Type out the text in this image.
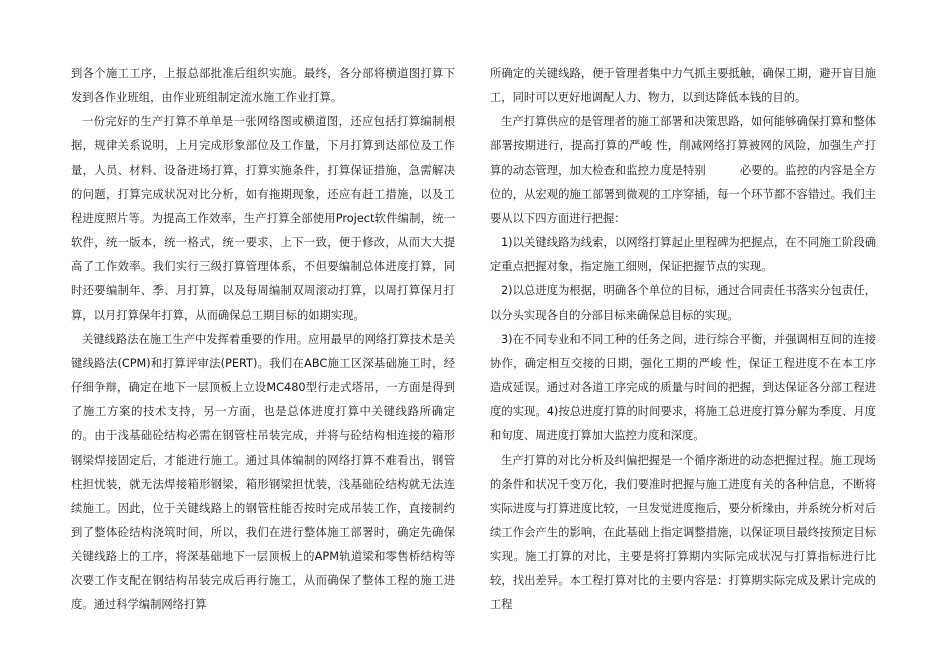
到各个施工工序，上报总部批准后组织实施。最终，各分部将横道图打算下发到各作业班组，由作业班组制定流水施工作业打算。

一份完好的生产打算不单单是一张网络图或横道图，还应包括打算编制根据，规律关系说明，上月完成形象部位及工作量，下月打算到达部位及工作量，人员、材料、设备进场打算，打算实施条件，打算保证措施，急需解决的问题，打算完成状况对比分析，如有拖期现象，还应有赶工措施，以及工程进度照片等。为提高工作效率，生产打算全部使用Project软件编制，统一软件，统一版本，统一格式，统一要求，上下一致，便于修改，从而大大提高了工作效率。我们实行三级打算管理体系，不但要编制总体进度打算，同时还要编制年、季、月打算，以及每周编制双周滚动打算，以周打算保月打算，以月打算保年打算，从而确保总工期目标的如期实现。

关键线路法在施工生产中发挥着重要的作用。应用最早的网络打算技术是关键线路法(CPM)和打算评审法(PERT)。我们在ABC施工区深基础施工时，经仔细争辩，确定在地下一层顶板上立设MC480型行走式塔吊，一方面是得到了施工方案的技术支持，另一方面，也是总体进度打算中关键线路所确定的。由于浅基础砼结构必需在钢管柱吊装完成，并将与砼结构相连接的箱形钢梁焊接固定后，才能进行施工。通过具体编制的网络打算不难看出，钢管柱担忧装，就无法焊接箱形钢梁，箱形钢梁担忧装，浅基础砼结构就无法连续施工。因此，位于关键线路上的钢管柱能否按时完成吊装工作，直接制约到了整体砼结构浇筑时间，所以，我们在进行整体施工部署时，确定先确保关键线路上的工序，将深基础地下一层顶板上的APM轨道梁和零售桥结构等次要工作支配在钢结构吊装完成后再行施工，从而确保了整体工程的施工进度。通过科学编制网络打算

所确定的关键线路，便于管理者集中力气抓主要抵触，确保工期，避开盲目施工，同时可以更好地调配人力、物力，以到达降低本钱的目的。

生产打算供应的是管理者的施工部署和决策思路，如何能够确保打算和整体部署按期进行，提高打算的严峻 性，削减网络打算被网的风险，加强生产打算的动态管理，加大检查和监控力度是特别　　　必要的。监控的内容是全方位的，从宏观的施工部署到微观的工序穿插，每一个环节都不容错过。我们主要从以下四方面进行把握：

1)以关键线路为线索，以网络打算起止里程碑为把握点，在不同施工阶段确定重点把握对象，指定施工细则，保证把握节点的实现。

2)以总进度为根据，明确各个单位的目标，通过合同责任书落实分包责任，以分头实现各自的分部目标来确保总目标的实现。

3)在不同专业和不同工种的任务之间，进行综合平衡，并强调相互间的连接协作，确定相互交接的日期，强化工期的严峻 性，保证工程进度不在本工序造成延误。通过对各道工序完成的质量与时间的把握，到达保证各分部工程进度的实现。4)按总进度打算的时间要求，将施工总进度打算分解为季度、月度和旬度、周进度打算加大监控力度和深度。

生产打算的对比分析及纠偏把握是一个循序渐进的动态把握过程。施工现场的条件和状况千变万化，我们要准时把握与施工进度有关的各种信息，不断将实际进度与打算进度比较，一旦发觉进度拖后，要分析缘由，并系统分析对后续工作会产生的影响，在此基础上指定调整措施，以保证项目最终按预定目标实现。施工打算的对比，主要是将打算期内实际完成状况与打算指标进行比较，找出差异。本工程打算对比的主要内容是：打算期实际完成及累计完成的工程
